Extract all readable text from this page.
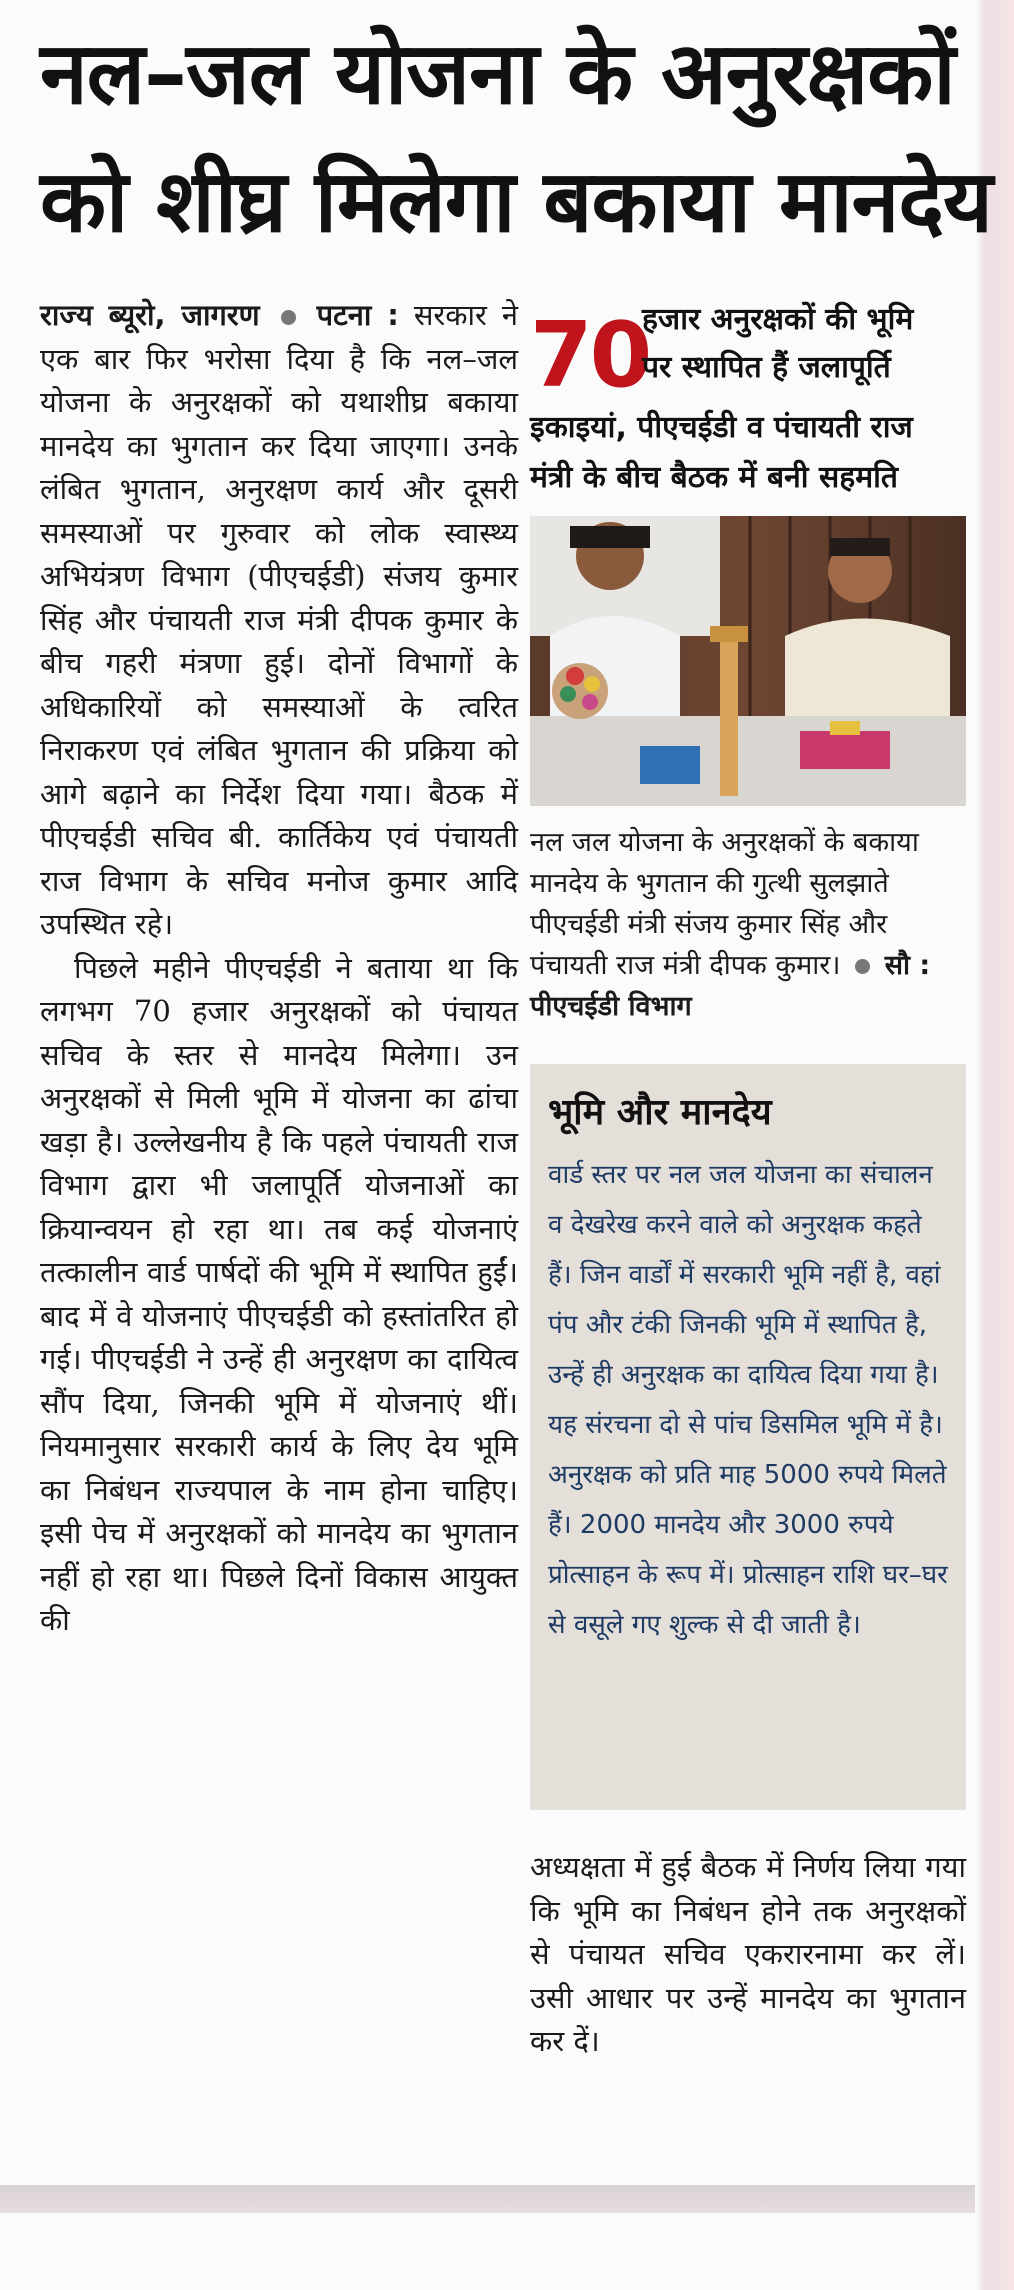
नल–जल योजना के अनुरक्षकों
को शीघ्र मिलेगा बकाया मानदेय

राज्य ब्यूरो, जागरण पटना : सरकार ने एक बार फिर भरोसा दिया है कि नल–जल योजना के अनुरक्षकों को यथाशीघ्र बकाया मानदेय का भुगतान कर दिया जाएगा। उनके लंबित भुगतान, अनुरक्षण कार्य और दूसरी समस्याओं पर गुरुवार को लोक स्वास्थ्य अभियंत्रण विभाग (पीएचईडी) संजय कुमार सिंह और पंचायती राज मंत्री दीपक कुमार के बीच गहरी मंत्रणा हुई। दोनों विभागों के अधिकारियों को समस्याओं के त्वरित निराकरण एवं लंबित भुगतान की प्रक्रिया को आगे बढ़ाने का निर्देश दिया गया। बैठक में पीएचईडी सचिव बी. कार्तिकेय एवं पंचायती राज विभाग के सचिव मनोज कुमार आदि उपस्थित रहे।

पिछले महीने पीएचईडी ने बताया था कि लगभग 70 हजार अनुरक्षकों को पंचायत सचिव के स्तर से मानदेय मिलेगा। उन अनुरक्षकों से मिली भूमि में योजना का ढांचा खड़ा है। उल्लेखनीय है कि पहले पंचायती राज विभाग द्वारा भी जलापूर्ति योजनाओं का क्रियान्वयन हो रहा था। तब कई योजनाएं तत्कालीन वार्ड पार्षदों की भूमि में स्थापित हुईं। बाद में वे योजनाएं पीएचईडी को हस्तांतरित हो गई। पीएचईडी ने उन्हें ही अनुरक्षण का दायित्व सौंप दिया, जिनकी भूमि में योजनाएं थीं। नियमानुसार सरकारी कार्य के लिए देय भूमि का निबंधन राज्यपाल के नाम होना चाहिए। इसी पेच में अनुरक्षकों को मानदेय का भुगतान नहीं हो रहा था। पिछले दिनों विकास आयुक्त की

70
हजार अनुरक्षकों की भूमि
पर स्थापित हैं जलापूर्ति
इकाइयां, पीएचईडी व पंचायती राज
मंत्री के बीच बैठक में बनी सहमति
नल जल योजना के अनुरक्षकों के बकाया मानदेय के भुगतान की गुत्थी सुलझाते पीएचईडी मंत्री संजय कुमार सिंह और पंचायती राज मंत्री दीपक कुमार। सौ : पीएचईडी विभाग
भूमि और मानदेय

वार्ड स्तर पर नल जल योजना का संचालन व देखरेख करने वाले को अनुरक्षक कहते हैं। जिन वार्डों में सरकारी भूमि नहीं है, वहां पंप और टंकी जिनकी भूमि में स्थापित है, उन्हें ही अनुरक्षक का दायित्व दिया गया है। यह संरचना दो से पांच डिसमिल भूमि में है। अनुरक्षक को प्रति माह 5000 रुपये मिलते हैं। 2000 मानदेय और 3000 रुपये प्रोत्साहन के रूप में। प्रोत्साहन राशि घर–घर से वसूले गए शुल्क से दी जाती है।

अध्यक्षता में हुई बैठक में निर्णय लिया गया कि भूमि का निबंधन होने तक अनुरक्षकों से पंचायत सचिव एकरारनामा कर लें। उसी आधार पर उन्हें मानदेय का भुगतान कर दें।
